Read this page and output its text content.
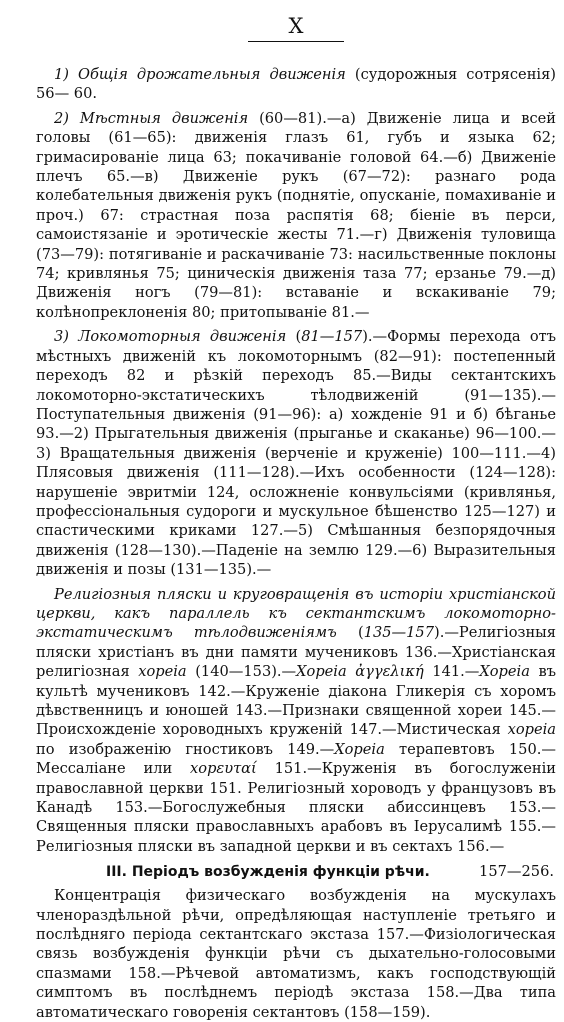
X

1) Общія дрожательныя движенія (судорожныя сотрясенія) 56— 60.

2) Мѣстныя движенія (60—81).—а) Движеніе лица и всей головы (61—65): движенія глазъ 61, губъ и языка 62; гримасированіе лица 63; покачиваніе головой 64.—б) Движеніе плечъ 65.—в) Движеніе рукъ (67—72): разнаго рода колебательныя движенія рукъ (поднятіе, опусканіе, помахиваніе и проч.) 67: страстная поза распятія 68; біеніе въ перси, самоистязаніе и эротическіе жесты 71.—г) Движенія туловища (73—79): потягиваніе и раскачиваніе 73: насильственные поклоны 74; кривлянья 75; циническія движенія таза 77; ерзанье 79.—д) Движенія ногъ (79—81): вставаніе и вскакиваніе 79; колѣнопреклоненія 80; притопываніе 81.—

3) Локомоторныя движенія (81—157).—Формы перехода отъ мѣстныхъ движеній къ локомоторнымъ (82—91): постепенный переходъ 82 и рѣзкій переходъ 85.—Виды сектантскихъ локомоторно-экстатическихъ тѣлодвиженій (91—135).—Поступательныя движенія (91—96): а) хожденіе 91 и б) бѣганье 93.—2) Прыгательныя движенія (прыганье и скаканье) 96—100.—3) Вращательныя движенія (верченіе и круженіе) 100—111.—4) Плясовыя движенія (111—128).—Ихъ особенности (124—128): нарушеніе эвритміи 124, осложненіе конвульсіями (кривлянья, профессіональныя судороги и мускульное бѣшенство 125—127) и спастическими криками 127.—5) Смѣшанныя безпорядочныя движенія (128—130).—Паденіе на землю 129.—6) Выразительныя движенія и позы (131—135).—

Религіозныя пляски и круговращенія въ исторіи христіанской церкви, какъ параллель къ сектантскимъ локомоторно-экстатическимъ тѣлодвиженіямъ (135—157).—Религіозныя пляски христіанъ въ дни памяти мучениковъ 136.—Христіанская религіозная хореiа (140—153).—Хореiа ἀγγελική 141.—Хореiа въ культѣ мучениковъ 142.—Круженіе діакона Гликерія съ хоромъ дѣвственницъ и юношей 143.—Признаки священной хореи 145.—Происхожденіе хороводныхъ круженій 147.—Мистическая хореiа по изображенію гностиковъ 149.—Хореiа терапевтовъ 150.—Мессаліане или хорευταί 151.—Круженія въ богослуженіи православной церкви 151. Религіозный хороводъ у французовъ въ Канадѣ 153.—Богослужебныя пляски абиссинцевъ 153.—Священныя пляски православныхъ арабовъ въ Іерусалимѣ 155.—Религіозныя пляски въ западной церкви и въ сектахъ 156.—

III. Періодъ возбужденія функціи рѣчи.	157—256.

Концентрація физическаго возбужденія на мускулахъ членораздѣльной рѣчи, опредѣляющая наступленіе третьяго и послѣдняго періода сектантскаго экстаза 157.—Физіологическая связь возбужденія функціи рѣчи съ дыхательно-голосовыми спазмами 158.—Рѣчевой автоматизмъ, какъ господствующій симптомъ въ послѣднемъ періодѣ экстаза 158.—Два типа автоматическаго говоренія сектантовъ (158—159).
